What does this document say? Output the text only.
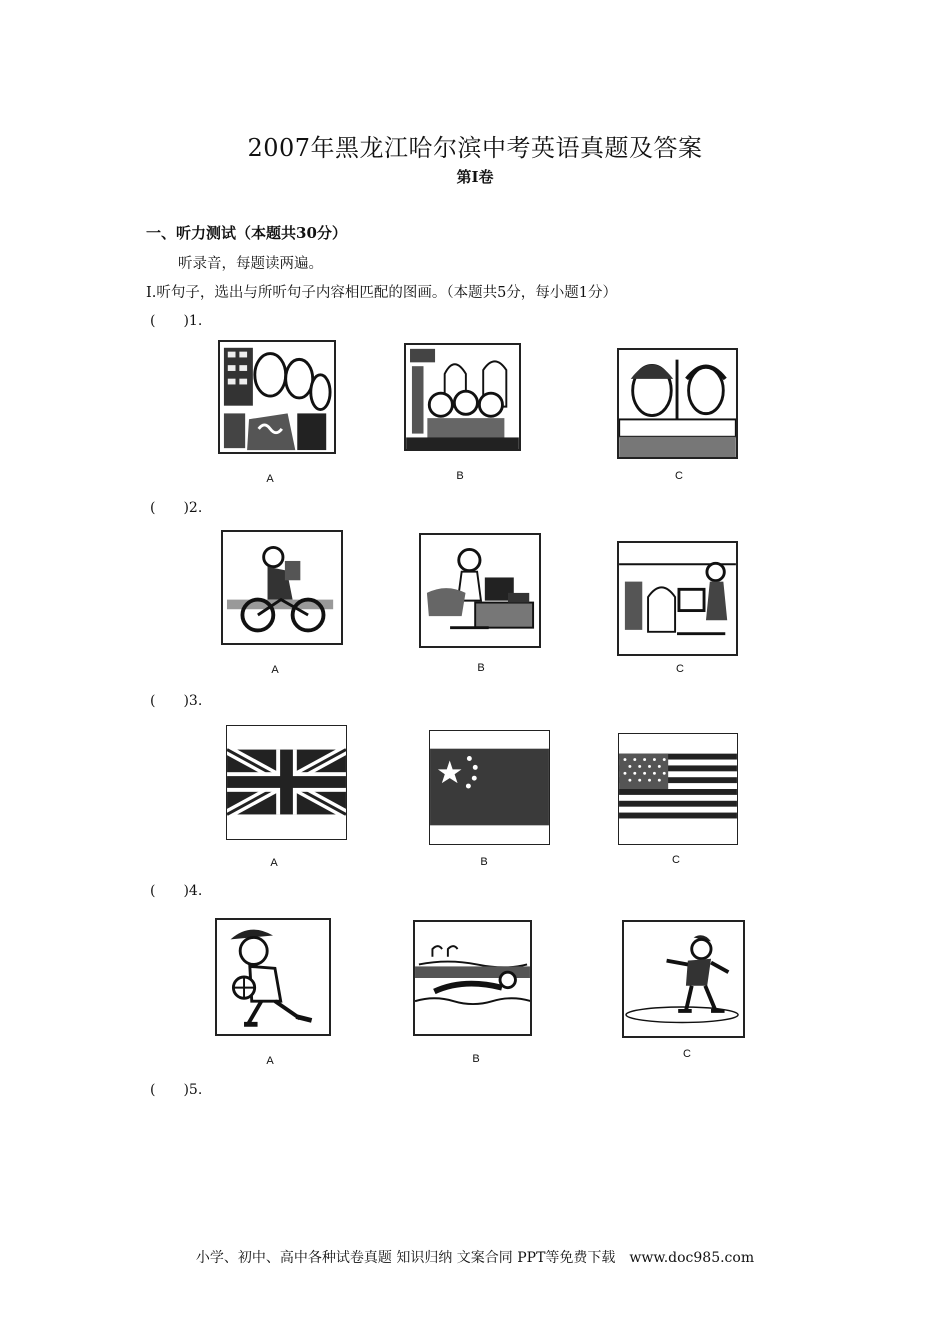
2007年黑龙江哈尔滨中考英语真题及答案
第Ⅰ卷
一、听力测试（本题共30分）
听录音，每题读两遍。
Ⅰ.听句子，选出与所听句子内容相匹配的图画。（本题共5分，每小题1分）
(　　)1.
A	B	C
(　　)2.
A	B	C
(　　)3.
A	B	C
(　　)4.
A	B	C
(　　)5.
小学、初中、高中各种试卷真题 知识归纳 文案合同 PPT等免费下载　www.doc985.com
